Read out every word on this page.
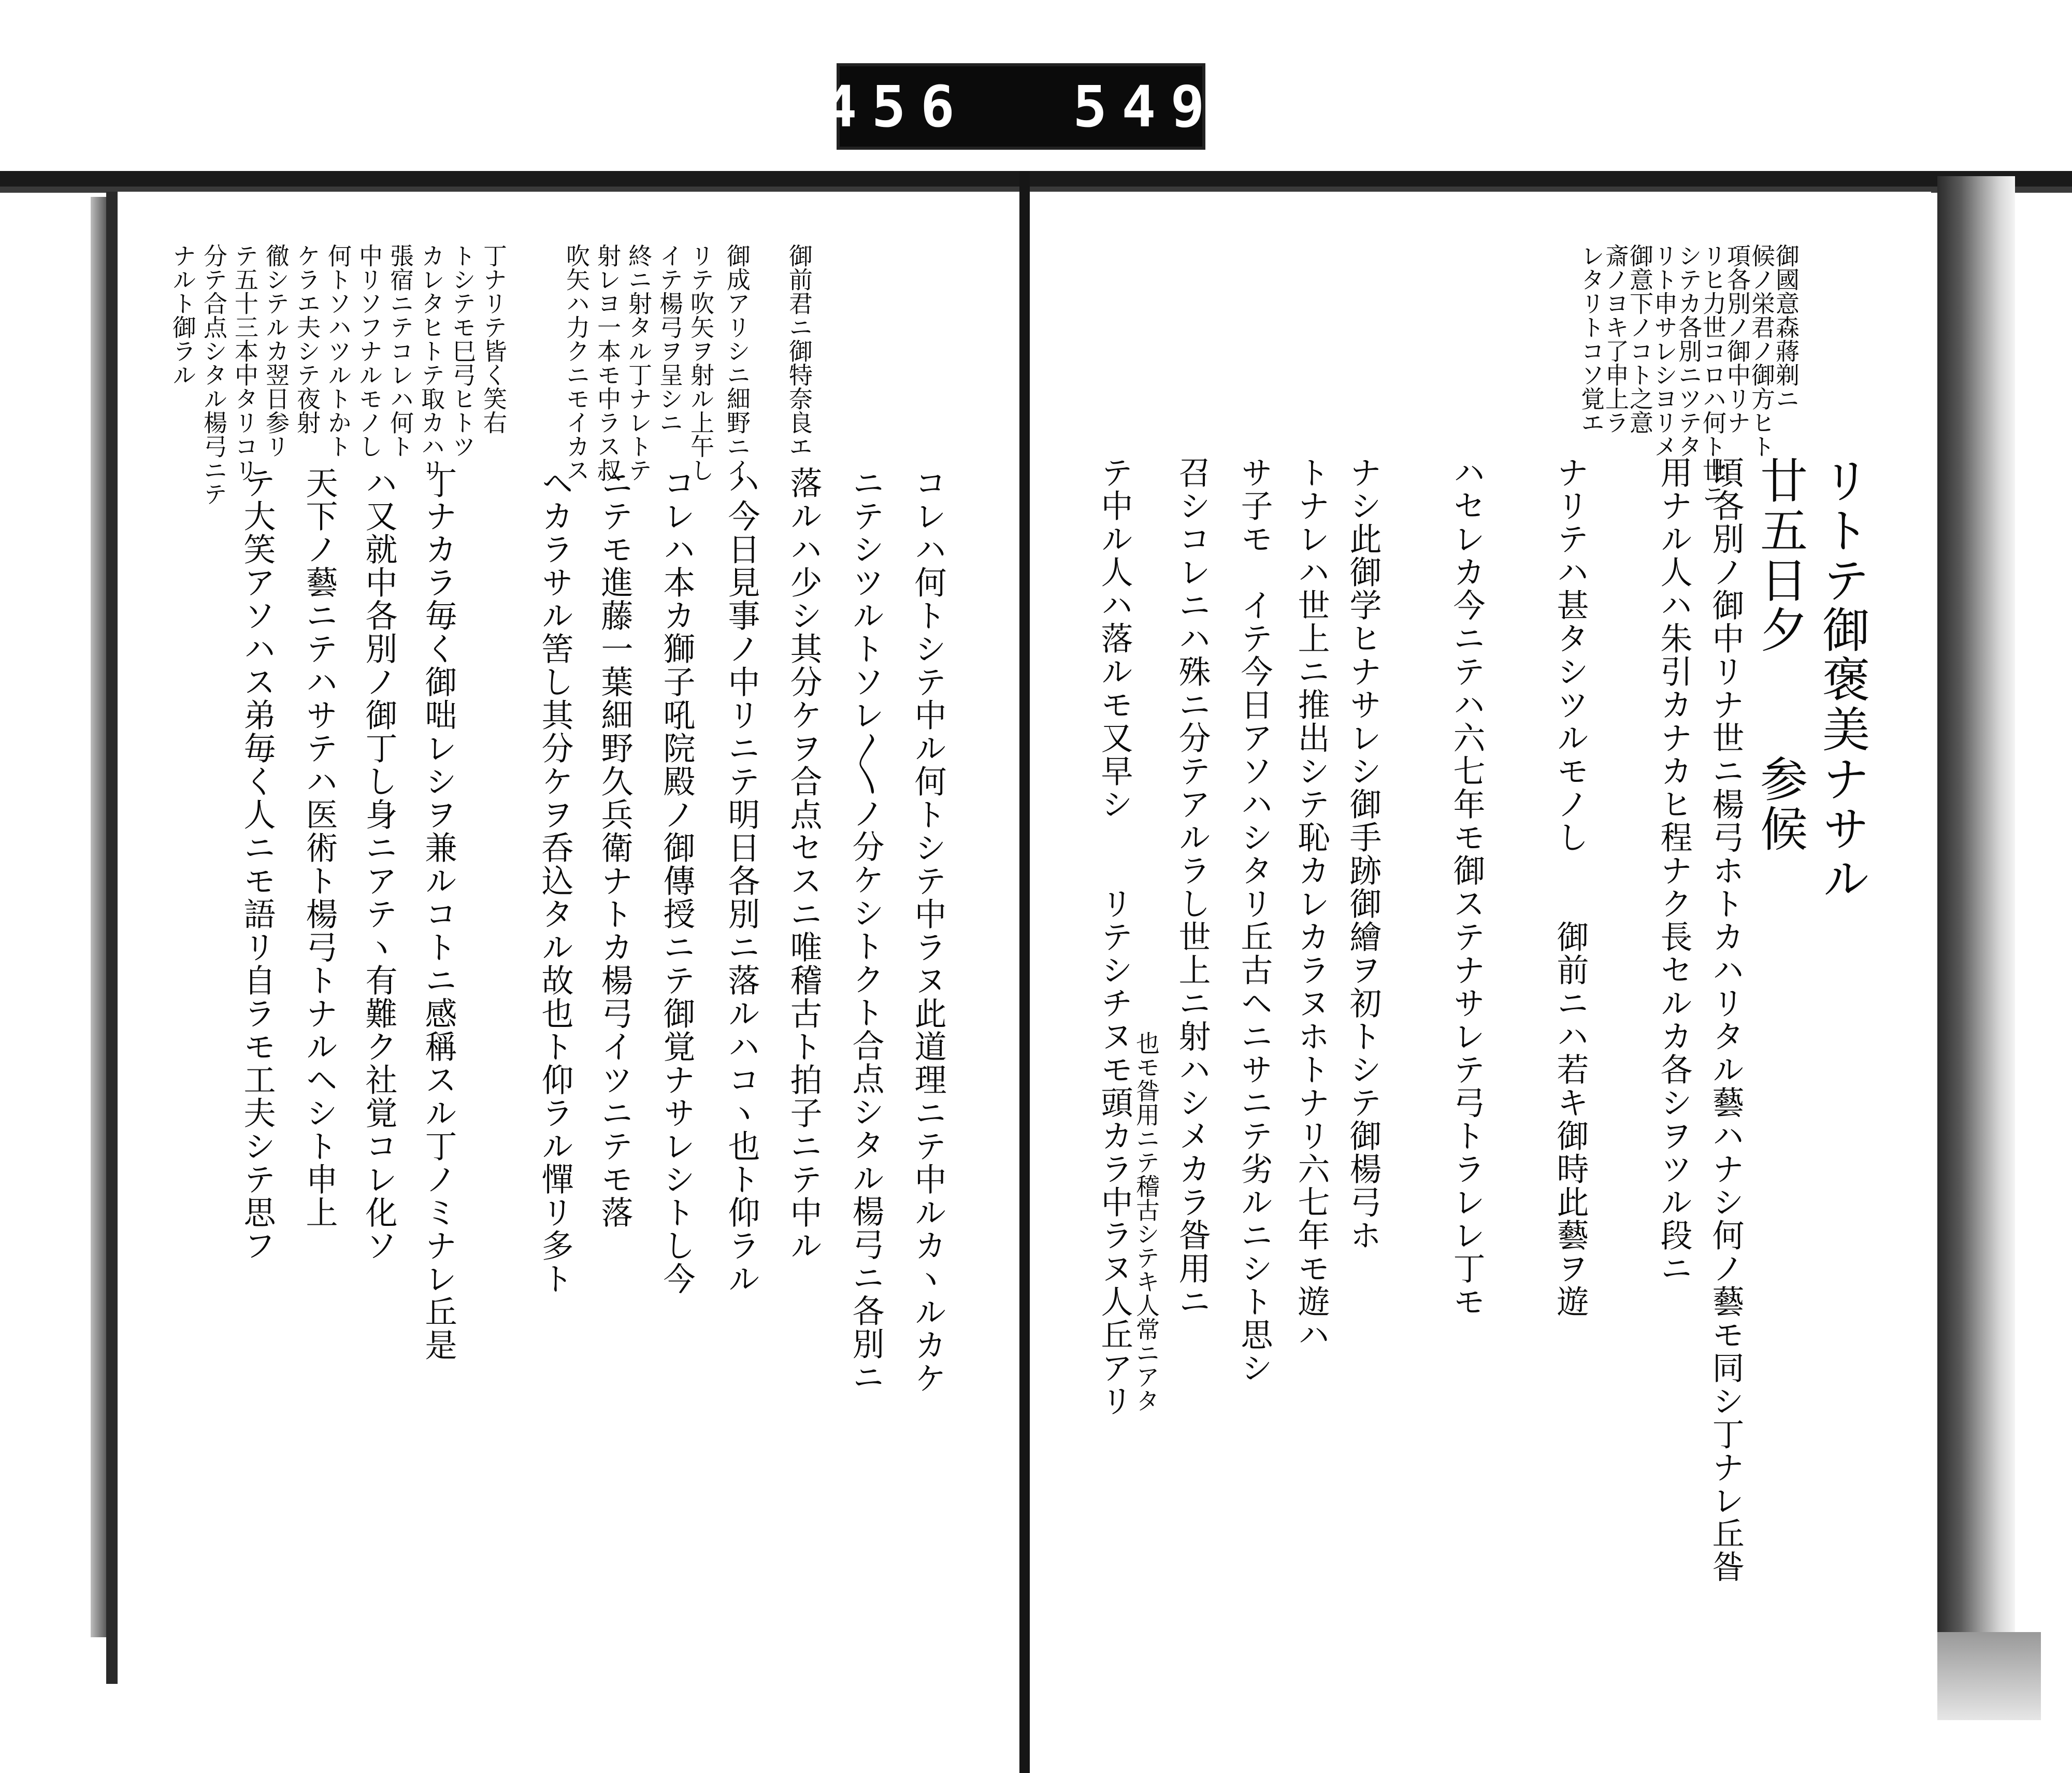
456 549
御國意森蔣剃ニ
候ノ栄君ノ御方ヒト
項各別ノ御中リナ
リヒ力世コロハ何ト世ニ
シテカ各別ニツテタ
リト申サレシヨリメ
御意下ノコト之意
斎ノヨキ了申上ラ
レタリトコソ覚エ
リトテ御褒美ナサル
廿五日夕　　参候
頃各別ノ御中リナ世ニ楊弓ホトカハリタル藝ハナシ何ノ藝モ同シ丁ナレ丘昝
用ナル人ハ朱引カナカヒ程ナク長セルカ各シヲツル段ニ
ナリテハ甚タシツルモノし　　御前ニハ若キ御時此藝ヲ遊
ハセレカ今ニテハ六七年モ御ステナサレテ弓トラレレ丁モ
ナシ此御学ヒナサレシ御手跡御繪ヲ初トシテ御楊弓ホ
トナレハ世上ニ推出シテ恥カレカラヌホトナリ六七年モ遊ハ
サ子モ　イテ今日アソハシタリ丘古ヘニサニテ劣ルニシト思シ
召シコレニハ殊ニ分テアルラし世上ニ射ハシメカラ昝用ニ
テ中ル人ハ落ルモ又早シ　　リテシチヌモ頭カラ中ラヌ人丘アリ
也モ昝用ニテ稽古シテキ人常ニアタ
コレハ何トシテ中ル何トシテ中ラヌ此道理ニテ中ルカヽルカケ
ニテシツルトソレ〳〵ノ分ケシトクト合点シタル楊弓ニ各別ニ
落ルハ少シ其分ケヲ合点セスニ唯稽古ト拍子ニテ中ル
ハ今日見事ノ中リニテ明日各別ニ落ルハコヽ也ト仰ラル
コレハ本カ獅子吼院殿ノ御傳授ニテ御覚ナサレシトし今
ニテモ進藤一葉細野久兵衛ナトカ楊弓イツニテモ落
ヘカラサル筈し其分ケヲ呑込タル故也ト仰ラル憚リ多ト
丁ナカラ毎く御咄レシヲ兼ルコトニ感稱スル丁ノミナレ丘是
ハ又就中各別ノ御丁し身ニアテヽ有難ク社覚コレ化ソ
天下ノ藝ニテハサテハ医術ト楊弓トナルヘシト申上
テ大笑アソハス弟毎く人ニモ語リ自ラモ工夫シテ思フ
御前君ニ御特奈良エ
御成アリシニ細野ニイ
リテ吹矢ヲ射ル上午し
イテ楊弓ヲ呈シニ
終ニ射タル丁ナレトテ
射レヨ一本モ中ラス叔
吹矢ハ力クニモイカス
丁ナリテ皆く笑右
トシテモ巳弓ヒトツ
カレタヒトテ取カハリ
張宿ニテコレハ何ト
中リソフナルモノし
何トソハツルトかト
ケラエ夫シテ夜射
徹シテルカ翌日参リ
テ五十三本中タリコリ
分テ合点シタル楊弓ニテ
ナルト御ラル
